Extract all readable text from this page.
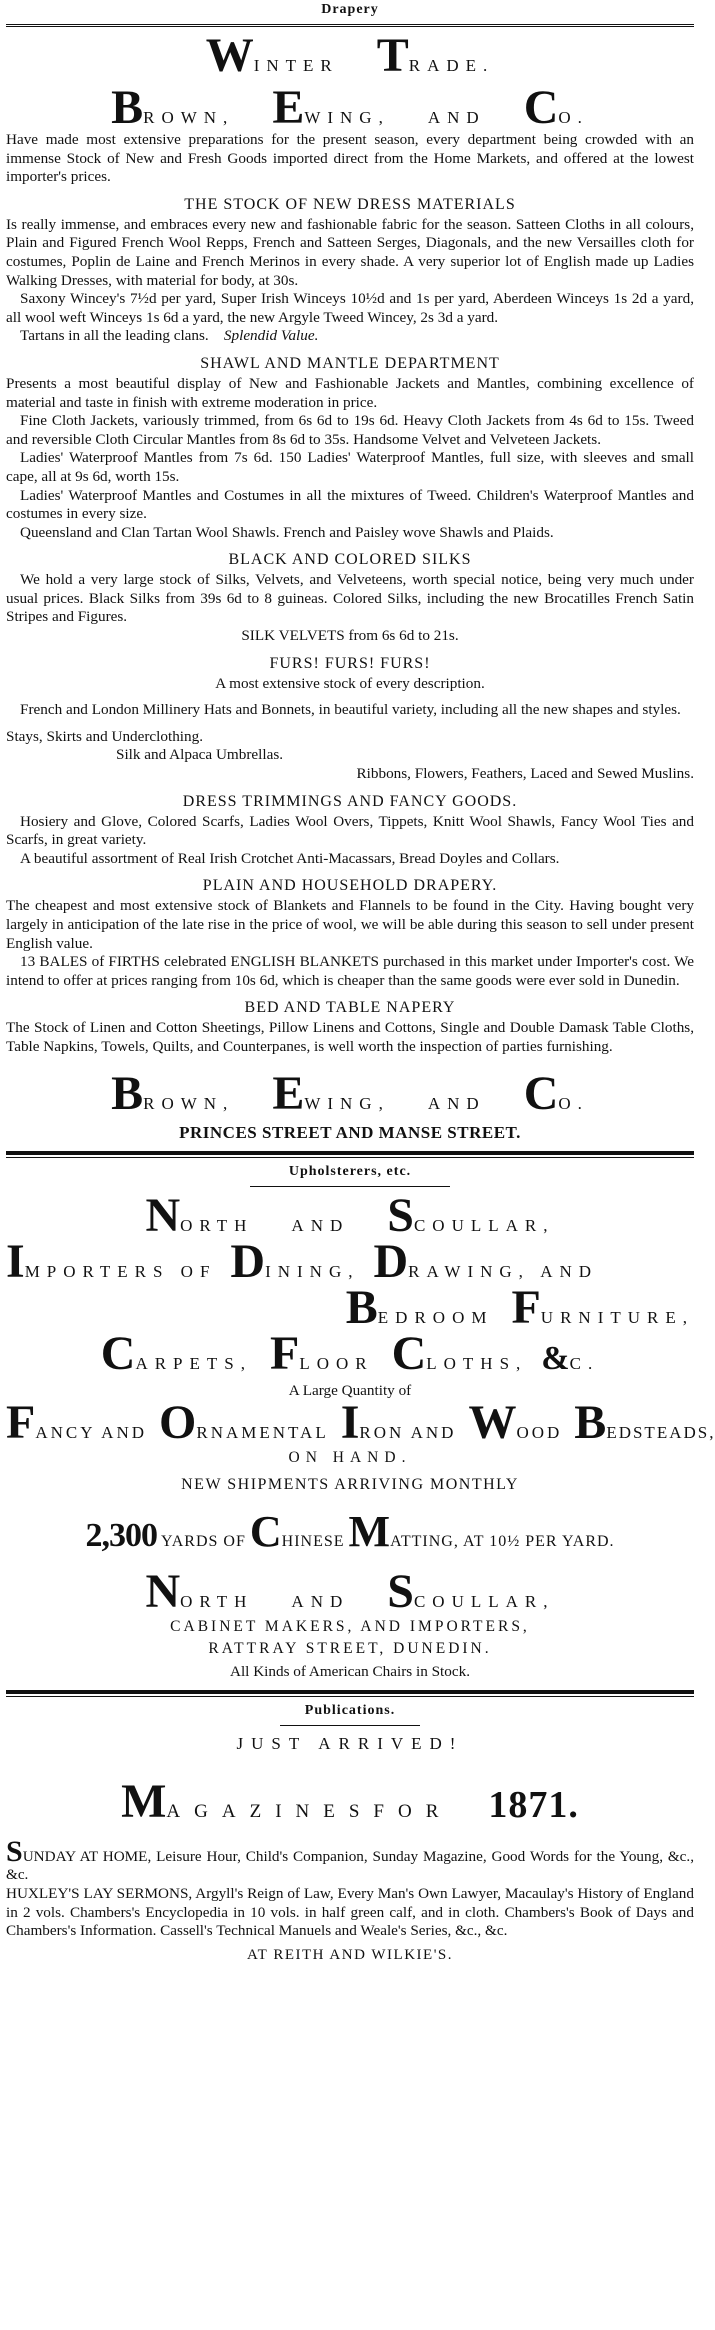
Drapery

WINTER TRADE.

BROWN, EWING, AND CO.

Have made most extensive preparations for the present season, every department being crowded with an immense Stock of New and Fresh Goods imported direct from the Home Markets, and offered at the lowest importer's prices.

THE STOCK OF NEW DRESS MATERIALS

Is really immense, and embraces every new and fashionable fabric for the season. Satteen Cloths in all colours, Plain and Figured French Wool Repps, French and Satteen Serges, Diagonals, and the new Versailles cloth for costumes, Poplin de Laine and French Merinos in every shade. A very superior lot of English made up Ladies Walking Dresses, with material for body, at 30s.

Saxony Wincey's 7½d per yard, Super Irish Winceys 10½d and 1s per yard, Aberdeen Winceys 1s 2d a yard, all wool weft Winceys 1s 6d a yard, the new Argyle Tweed Wincey, 2s 3d a yard.

Tartans in all the leading clans. Splendid Value.

SHAWL AND MANTLE DEPARTMENT

Presents a most beautiful display of New and Fashionable Jackets and Mantles, combining excellence of material and taste in finish with extreme moderation in price.

Fine Cloth Jackets, variously trimmed, from 6s 6d to 19s 6d. Heavy Cloth Jackets from 4s 6d to 15s. Tweed and reversible Cloth Circular Mantles from 8s 6d to 35s. Handsome Velvet and Velveteen Jackets.

Ladies' Waterproof Mantles from 7s 6d. 150 Ladies' Waterproof Mantles, full size, with sleeves and small cape, all at 9s 6d, worth 15s.

Ladies' Waterproof Mantles and Costumes in all the mixtures of Tweed. Children's Waterproof Mantles and costumes in every size.

Queensland and Clan Tartan Wool Shawls. French and Paisley wove Shawls and Plaids.

BLACK AND COLORED SILKS

We hold a very large stock of Silks, Velvets, and Velveteens, worth special notice, being very much under usual prices. Black Silks from 39s 6d to 8 guineas. Colored Silks, including the new Brocatilles French Satin Stripes and Figures.

SILK VELVETS from 6s 6d to 21s.

FURS! FURS! FURS!

A most extensive stock of every description.

French and London Millinery Hats and Bonnets, in beautiful variety, including all the new shapes and styles.

Stays, Skirts and Underclothing.

Silk and Alpaca Umbrellas.

Ribbons, Flowers, Feathers, Laced and Sewed Muslins.

DRESS TRIMMINGS AND FANCY GOODS.

Hosiery and Glove, Colored Scarfs, Ladies Wool Overs, Tippets, Knitt Wool Shawls, Fancy Wool Ties and Scarfs, in great variety.

A beautiful assortment of Real Irish Crotchet Anti-Macassars, Bread Doyles and Collars.

PLAIN AND HOUSEHOLD DRAPERY.

The cheapest and most extensive stock of Blankets and Flannels to be found in the City. Having bought very largely in anticipation of the late rise in the price of wool, we will be able during this season to sell under present English value.

13 BALES of FIRTHS celebrated ENGLISH BLANKETS purchased in this market under Importer's cost. We intend to offer at prices ranging from 10s 6d, which is cheaper than the same goods were ever sold in Dunedin.

BED AND TABLE NAPERY

The Stock of Linen and Cotton Sheetings, Pillow Linens and Cottons, Single and Double Damask Table Cloths, Table Napkins, Towels, Quilts, and Counterpanes, is well worth the inspection of parties furnishing.

BROWN, EWING, AND CO.

PRINCES STREET AND MANSE STREET.
Upholsterers, etc.

NORTH AND SCOULLAR,

IMPORTERS OF DINING, DRAWING, AND

BEDROOM FURNITURE,

CARPETS, FLOOR CLOTHS, &C.

A Large Quantity of

FANCY AND ORNAMENTAL IRON AND WOOD BEDSTEADS,

ON HAND.
NEW SHIPMENTS ARRIVING MONTHLY

2,300 YARDS OF CHINESE MATTING, AT 10½ PER YARD.

NORTH AND SCOULLAR,

CABINET MAKERS, AND IMPORTERS,
RATTRAY STREET, DUNEDIN.

All Kinds of American Chairs in Stock.

Publications.
JUST ARRIVED!

MAGAZINESFOR 1871.

SUNDAY AT HOME, Leisure Hour, Child's Companion, Sunday Magazine, Good Words for the Young, &c., &c.

HUXLEY'S LAY SERMONS, Argyll's Reign of Law, Every Man's Own Lawyer, Macaulay's History of England in 2 vols. Chambers's Encyclopedia in 10 vols. in half green calf, and in cloth. Chambers's Book of Days and Chambers's Information. Cassell's Technical Manuels and Weale's Series, &c., &c.

AT REITH AND WILKIE'S.
